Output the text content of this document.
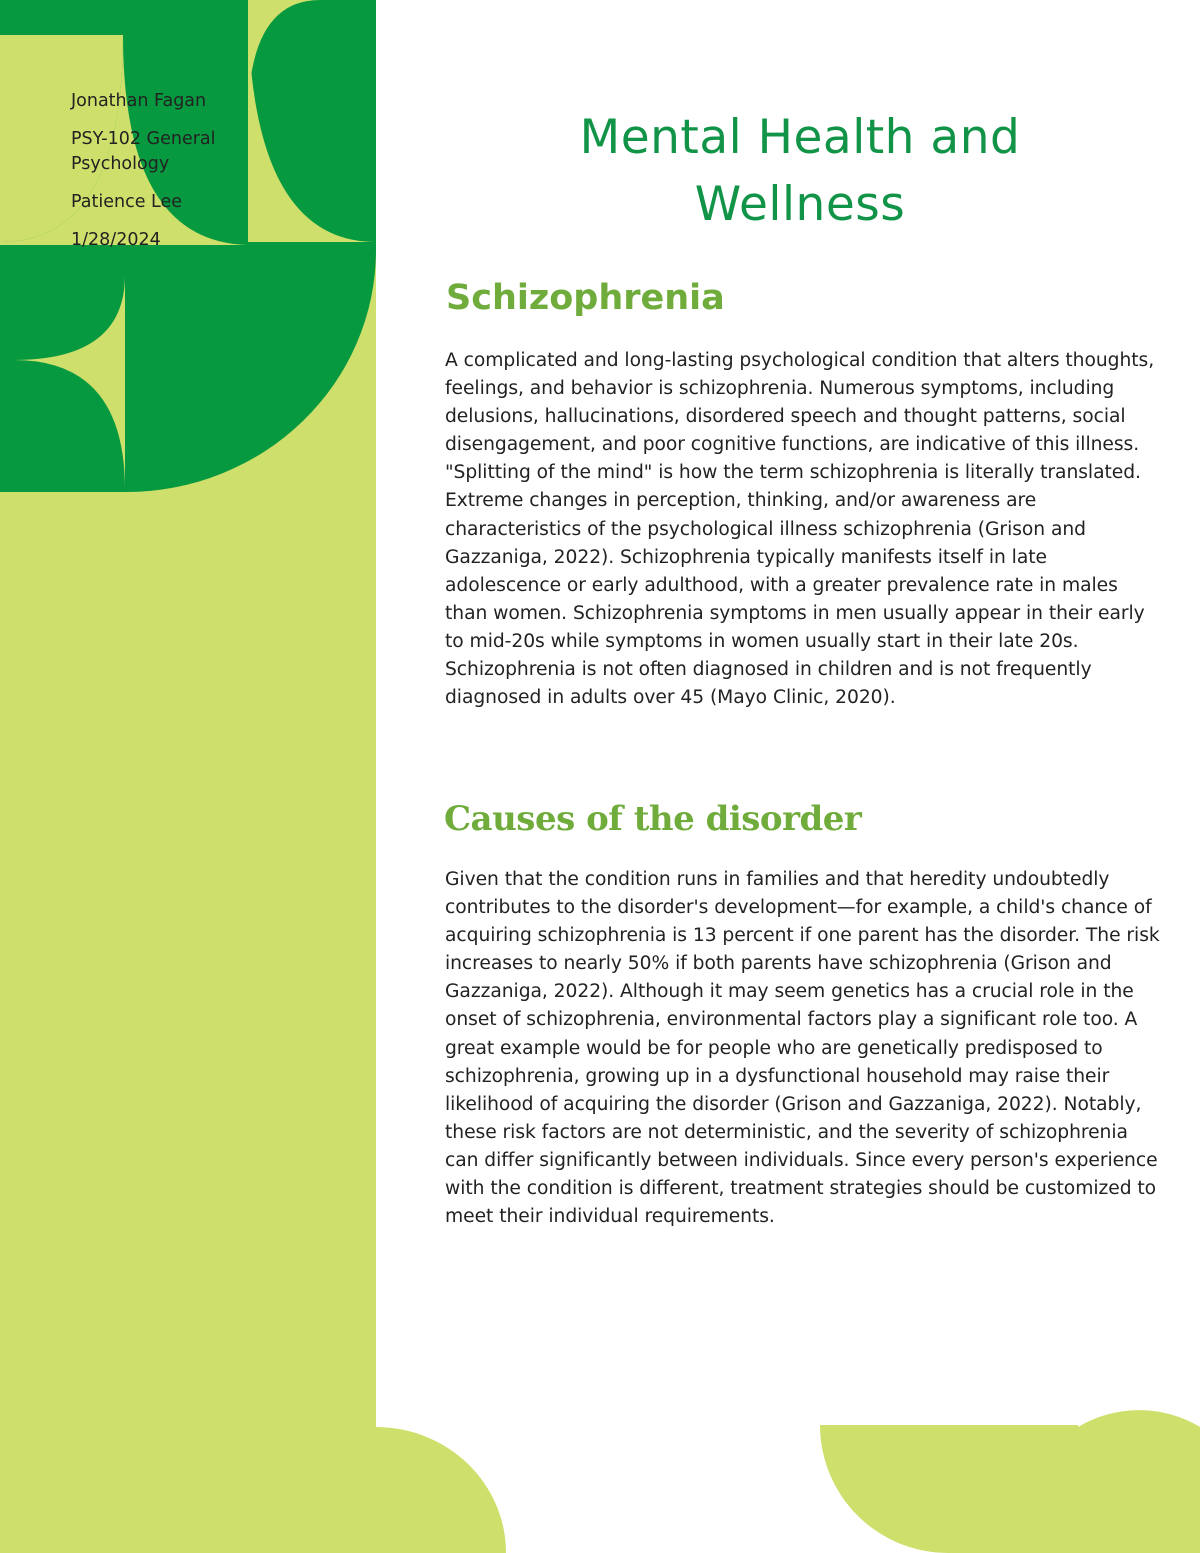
Jonathan Fagan
PSY-102 General Psychology
Patience Lee
1/28/2024
Mental Health and Wellness
Schizophrenia

A complicated and long-lasting psychological condition that alters thoughts, feelings, and behavior is schizophrenia. Numerous symptoms, including delusions, hallucinations, disordered speech and thought patterns, social disengagement, and poor cognitive functions, are indicative of this illness. "Splitting of the mind" is how the term schizophrenia is literally translated. Extreme changes in perception, thinking, and/or awareness are characteristics of the psychological illness schizophrenia (Grison and Gazzaniga, 2022). Schizophrenia typically manifests itself in late adolescence or early adulthood, with a greater prevalence rate in males than women. Schizophrenia symptoms in men usually appear in their early to mid-20s while symptoms in women usually start in their late 20s. Schizophrenia is not often diagnosed in children and is not frequently diagnosed in adults over 45 (Mayo Clinic, 2020).

Causes of the disorder

Given that the condition runs in families and that heredity undoubtedly contributes to the disorder's development—for example, a child's chance of acquiring schizophrenia is 13 percent if one parent has the disorder. The risk increases to nearly 50% if both parents have schizophrenia (Grison and Gazzaniga, 2022). Although it may seem genetics has a crucial role in the onset of schizophrenia, environmental factors play a significant role too. A great example would be for people who are genetically predisposed to schizophrenia, growing up in a dysfunctional household may raise their likelihood of acquiring the disorder (Grison and Gazzaniga, 2022). Notably, these risk factors are not deterministic, and the severity of schizophrenia can differ significantly between individuals. Since every person's experience with the condition is different, treatment strategies should be customized to meet their individual requirements.
